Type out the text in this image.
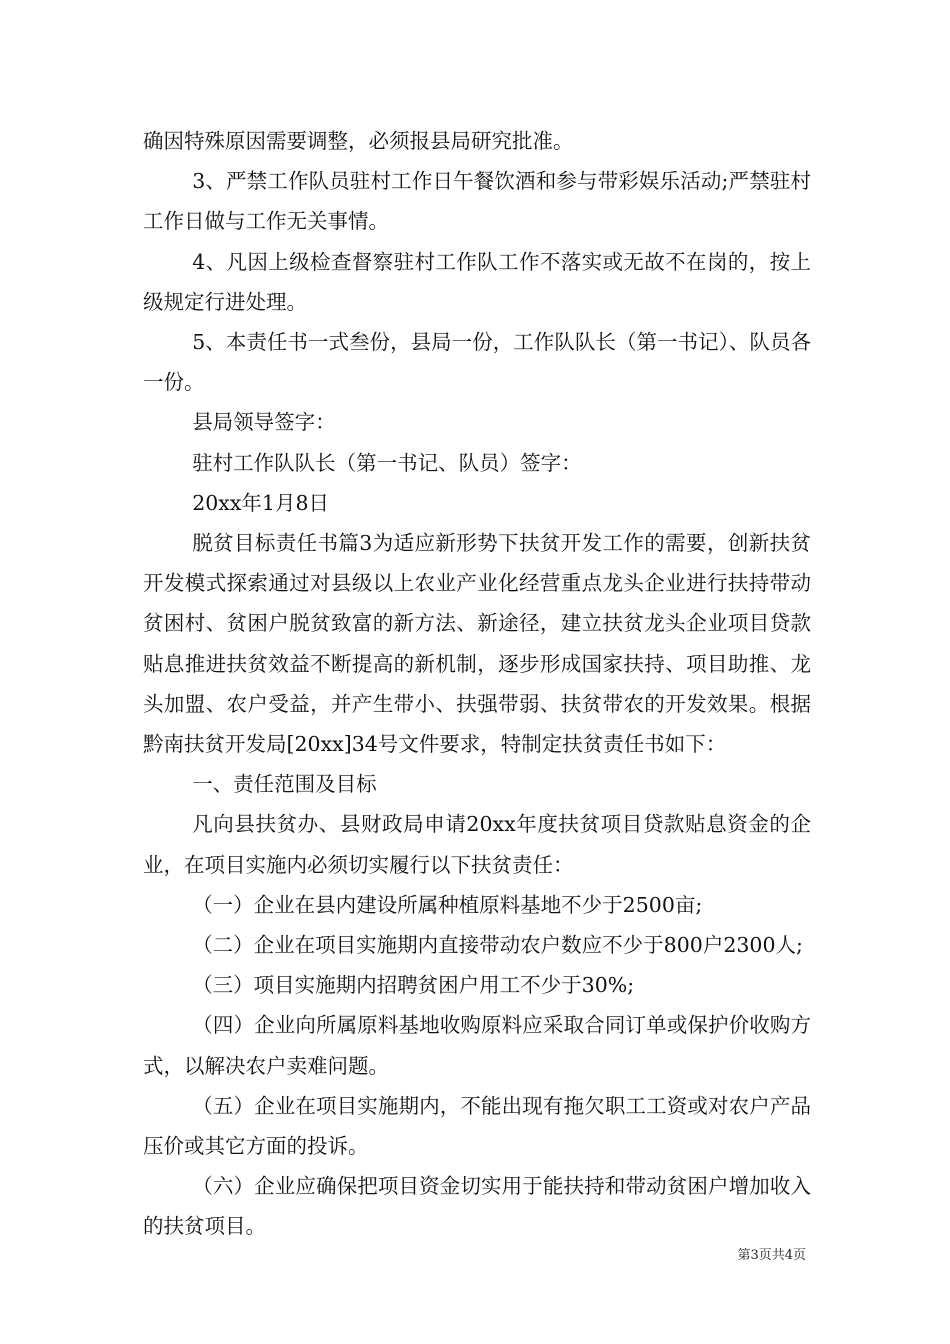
确因特殊原因需要调整，必须报县局研究批准。

3、严禁工作队员驻村工作日午餐饮酒和参与带彩娱乐活动;严禁驻村工作日做与工作无关事情。

4、凡因上级检查督察驻村工作队工作不落实或无故不在岗的，按上级规定行进处理。

5、本责任书一式叁份，县局一份，工作队队长（第一书记）、队员各一份。

县局领导签字：

驻村工作队队长（第一书记、队员）签字：

20xx年1月8日

脱贫目标责任书篇3为适应新形势下扶贫开发工作的需要，创新扶贫开发模式探索通过对县级以上农业产业化经营重点龙头企业进行扶持带动贫困村、贫困户脱贫致富的新方法、新途径，建立扶贫龙头企业项目贷款贴息推进扶贫效益不断提高的新机制，逐步形成国家扶持、项目助推、龙头加盟、农户受益，并产生带小、扶强带弱、扶贫带农的开发效果。根据黔南扶贫开发局[20xx]34号文件要求，特制定扶贫责任书如下：

一、责任范围及目标

凡向县扶贫办、县财政局申请20xx年度扶贫项目贷款贴息资金的企业，在项目实施内必须切实履行以下扶贫责任：

（一）企业在县内建设所属种植原料基地不少于2500亩;

（二）企业在项目实施期内直接带动农户数应不少于800户2300人;

（三）项目实施期内招聘贫困户用工不少于30%;

（四）企业向所属原料基地收购原料应采取合同订单或保护价收购方式，以解决农户卖难问题。

（五）企业在项目实施期内，不能出现有拖欠职工工资或对农户产品压价或其它方面的投诉。

（六）企业应确保把项目资金切实用于能扶持和带动贫困户增加收入的扶贫项目。

第3页共4页
